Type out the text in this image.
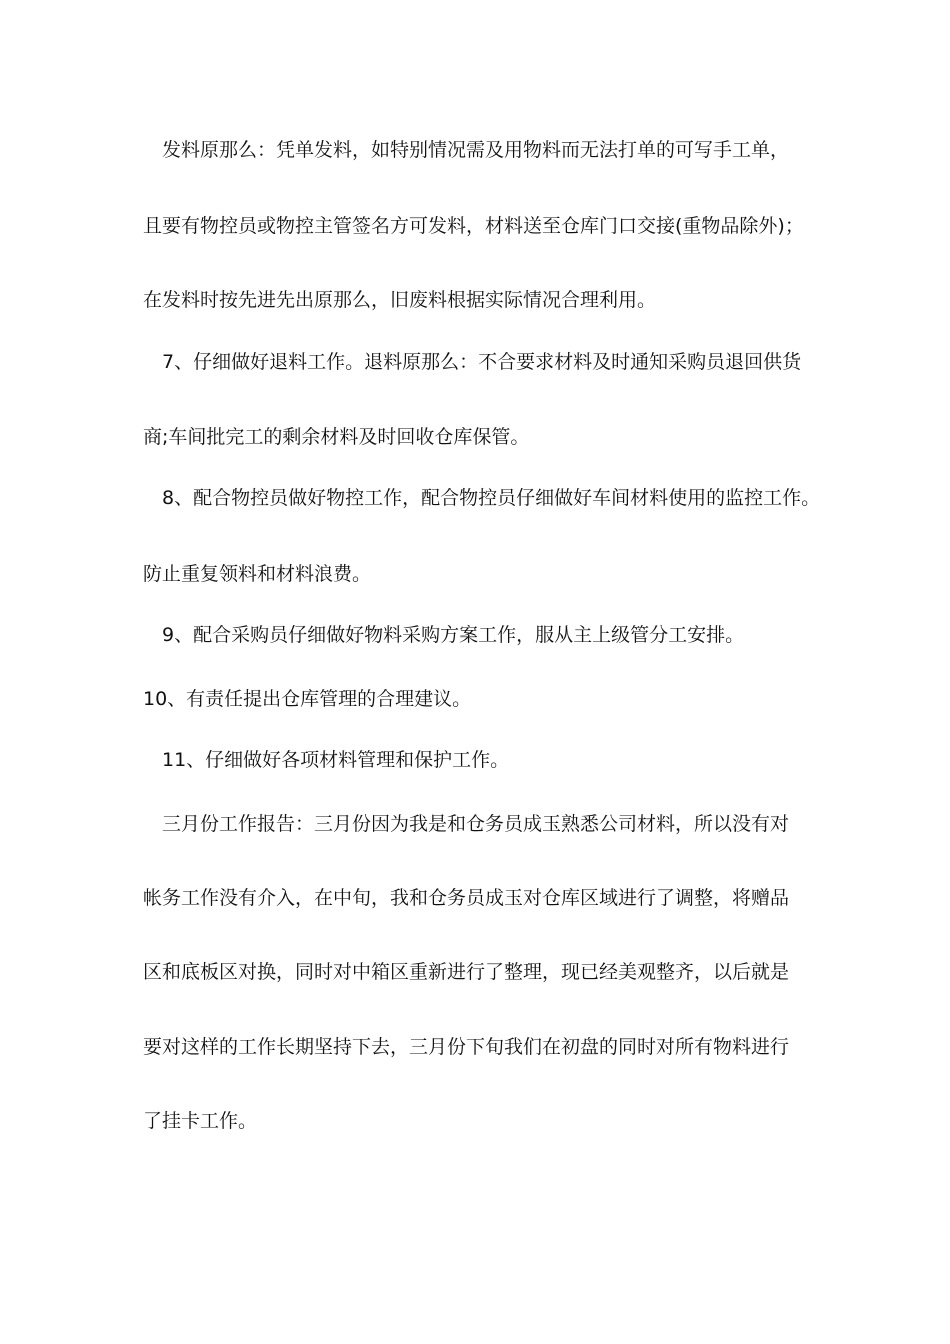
发料原那么：凭单发料，如特别情况需及用物料而无法打单的可写手工单，
且要有物控员或物控主管签名方可发料，材料送至仓库门口交接(重物品除外)；
在发料时按先进先出原那么，旧废料根据实际情况合理利用。
7、仔细做好退料工作。退料原那么：不合要求材料及时通知采购员退回供货
商;车间批完工的剩余材料及时回收仓库保管。
8、配合物控员做好物控工作，配合物控员仔细做好车间材料使用的监控工作。
防止重复领料和材料浪费。
9、配合采购员仔细做好物料采购方案工作，服从主上级管分工安排。
10、有责任提出仓库管理的合理建议。
11、仔细做好各项材料管理和保护工作。
三月份工作报告：三月份因为我是和仓务员成玉熟悉公司材料，所以没有对
帐务工作没有介入，在中旬，我和仓务员成玉对仓库区域进行了调整，将赠品
区和底板区对换，同时对中箱区重新进行了整理，现已经美观整齐，以后就是
要对这样的工作长期坚持下去，三月份下旬我们在初盘的同时对所有物料进行
了挂卡工作。
